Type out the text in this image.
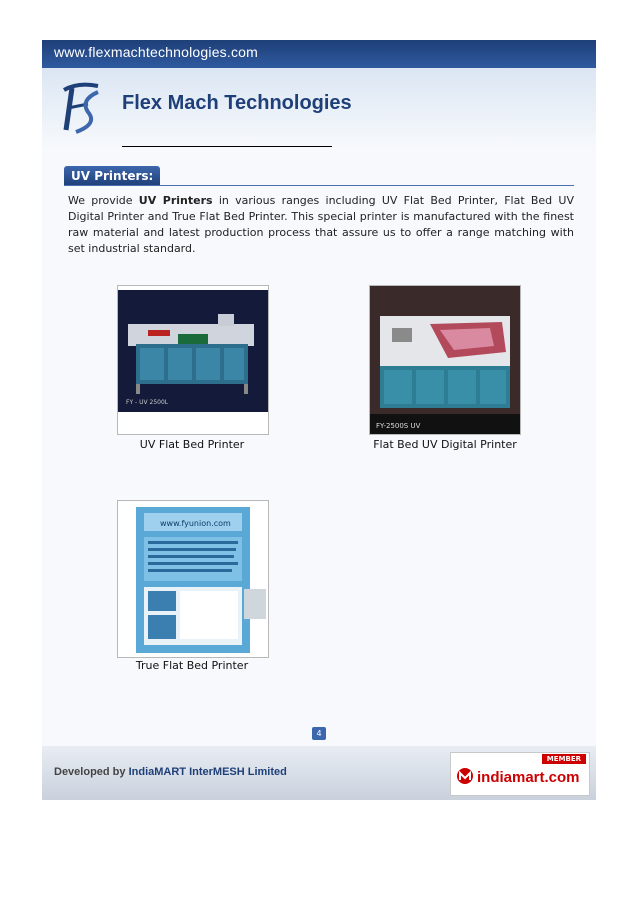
www.flexmachtechnologies.com
Flex Mach Technologies
UV Printers:
We provide UV Printers in various ranges including UV Flat Bed Printer, Flat Bed UV Digital Printer and True Flat Bed Printer. This special printer is manufactured with the finest raw material and latest production process that assure us to offer a range matching with set industrial standard.
FY - UV 2500L
UV Flat Bed Printer
FY-2500S UV
Flat Bed UV Digital Printer
www.fyunion.com
True Flat Bed Printer
4
Developed by IndiaMART InterMESH Limited
MEMBER
indiamart.com
